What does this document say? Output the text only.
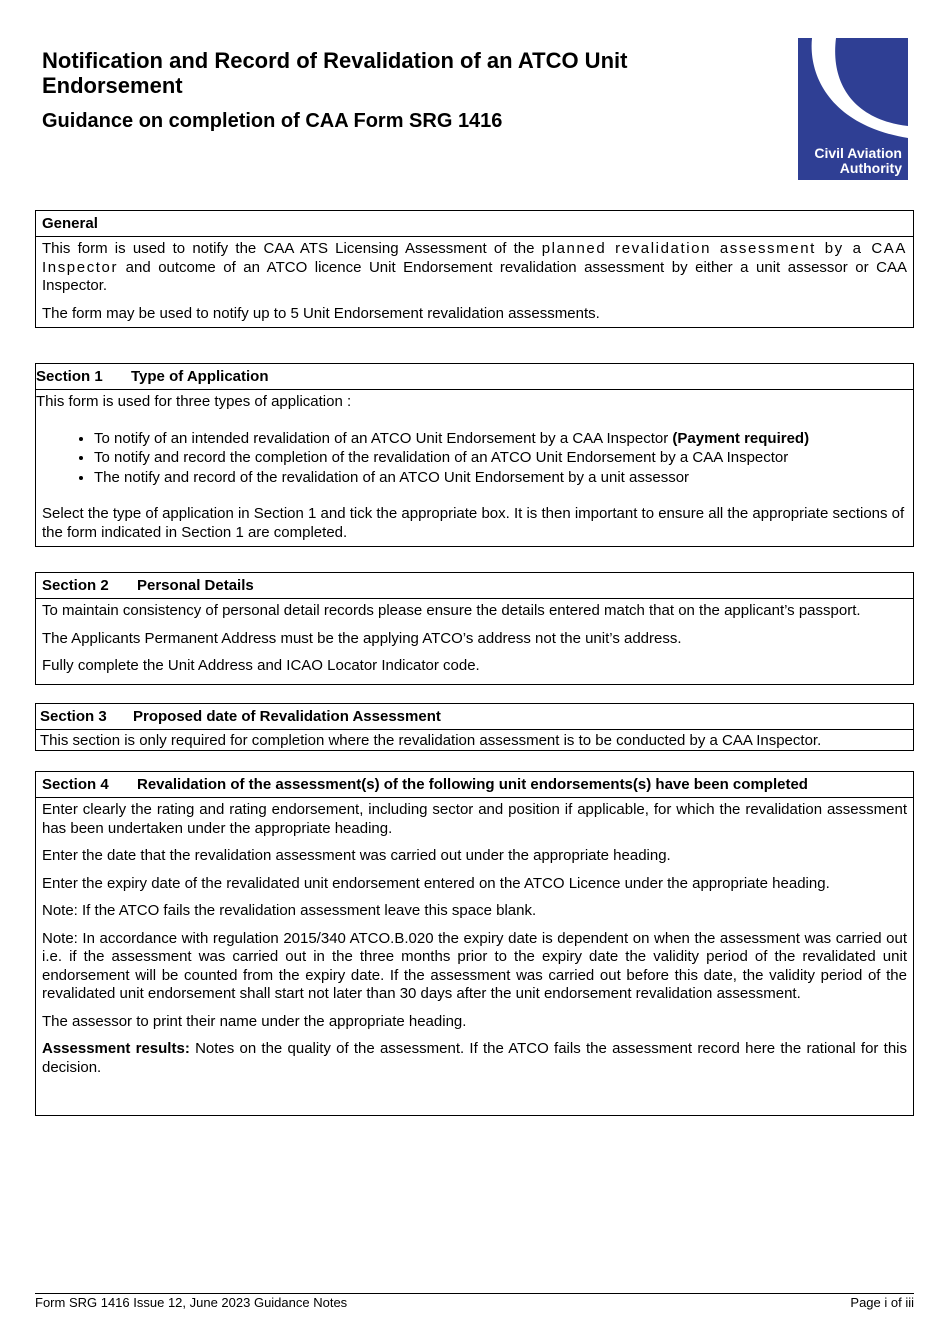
Notification and Record of Revalidation of an ATCO Unit Endorsement
Guidance on completion of CAA Form SRG 1416
Civil Aviation
Authority
General

This form is used to notify the CAA ATS Licensing Assessment of the planned revalidation assessment by a CAA Inspector and outcome of an ATCO licence Unit Endorsement revalidation assessment by either a unit assessor or CAA Inspector.

The form may be used to notify up to 5 Unit Endorsement revalidation assessments.

Section 1 Type of Application
This form is used for three types of application :
• To notify of an intended revalidation of an ATCO Unit Endorsement by a CAA Inspector (Payment required)
• To notify and record the completion of the revalidation of an ATCO Unit Endorsement by a CAA Inspector
• The notify and record of the revalidation of an ATCO Unit Endorsement by a unit assessor
Select the type of application in Section 1 and tick the appropriate box. It is then important to ensure all the appropriate sections of the form indicated in Section 1 are completed.
Section 2 Personal Details

To maintain consistency of personal detail records please ensure the details entered match that on the applicant’s passport.

The Applicants Permanent Address must be the applying ATCO’s address not the unit’s address.

Fully complete the Unit Address and ICAO Locator Indicator code.

Section 3 Proposed date of Revalidation Assessment

This section is only required for completion where the revalidation assessment is to be conducted by a CAA Inspector.

Section 4 Revalidation of the assessment(s) of the following unit endorsements(s) have been completed

Enter clearly the rating and rating endorsement, including sector and position if applicable, for which the revalidation assessment has been undertaken under the appropriate heading.

Enter the date that the revalidation assessment was carried out under the appropriate heading.

Enter the expiry date of the revalidated unit endorsement entered on the ATCO Licence under the appropriate heading.

Note: If the ATCO fails the revalidation assessment leave this space blank.

Note: In accordance with regulation 2015/340 ATCO.B.020 the expiry date is dependent on when the assessment was carried out i.e. if the assessment was carried out in the three months prior to the expiry date the validity period of the revalidated unit endorsement will be counted from the expiry date. If the assessment was carried out before this date, the validity period of the revalidated unit endorsement shall start not later than 30 days after the unit endorsement revalidation assessment.

The assessor to print their name under the appropriate heading.

Assessment results: Notes on the quality of the assessment. If the ATCO fails the assessment record here the rational for this decision.

Form SRG 1416 Issue 12, June 2023 Guidance Notes	Page i of iii
